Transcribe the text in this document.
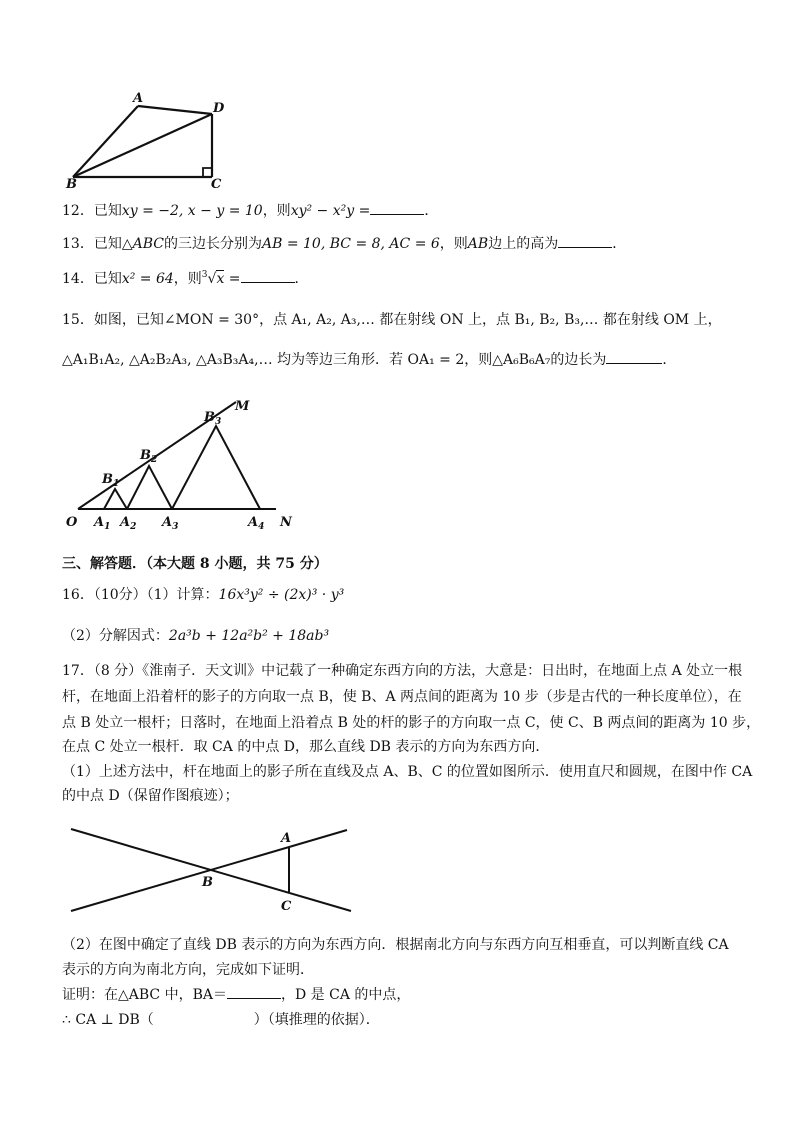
A
D
B	C
12．已知xy = −2, x − y = 10，则xy² − x²y =	．
13．已知△ABC的三边长分别为AB = 10, BC = 8, AC = 6，则AB边上的高为	．
14．已知x² = 64，则$^3$√x =	．
15．如图，已知∠MON = 30°，点 A₁, A₂, A₃,… 都在射线 ON 上，点 B₁, B₂, B₃,… 都在射线 OM 上，
△A₁B₁A₂, △A₂B₂A₃, △A₃B₃A₄,… 均为等边三角形．若 OA₁ = 2，则△A₆B₆A₇的边长为	．
O	N
M
$A_1$ $A_2$ $A_3$	$A_4$
$B_1$
$B_2$
$B_3$
三、解答题．（本大题 8 小题，共 75 分）
16．（10分）（1）计算：16x³y² ÷ (2x)³ · y³
（2）分解因式：2a³b + 12a²b² + 18ab³
17．（8 分）《淮南子．天文训》中记载了一种确定东西方向的方法，大意是：日出时，在地面上点 A 处立一根
杆，在地面上沿着杆的影子的方向取一点 B，使 B、A 两点间的距离为 10 步（步是古代的一种长度单位），在
点 B 处立一根杆；日落时，在地面上沿着点 B 处的杆的影子的方向取一点 C，使 C、B 两点间的距离为 10 步，
在点 C 处立一根杆．取 CA 的中点 D，那么直线 DB 表示的方向为东西方向．
（1）上述方法中，杆在地面上的影子所在直线及点 A、B、C 的位置如图所示．使用直尺和圆规，在图中作 CA
的中点 D（保留作图痕迹）；
A
B
C
（2）在图中确定了直线 DB 表示的方向为东西方向．根据南北方向与东西方向互相垂直，可以判断直线 CA
表示的方向为南北方向，完成如下证明．
证明：在△ABC 中，BA＝	，D 是 CA 的中点，
∴ CA ⊥ DB（	）（填推理的依据）．
